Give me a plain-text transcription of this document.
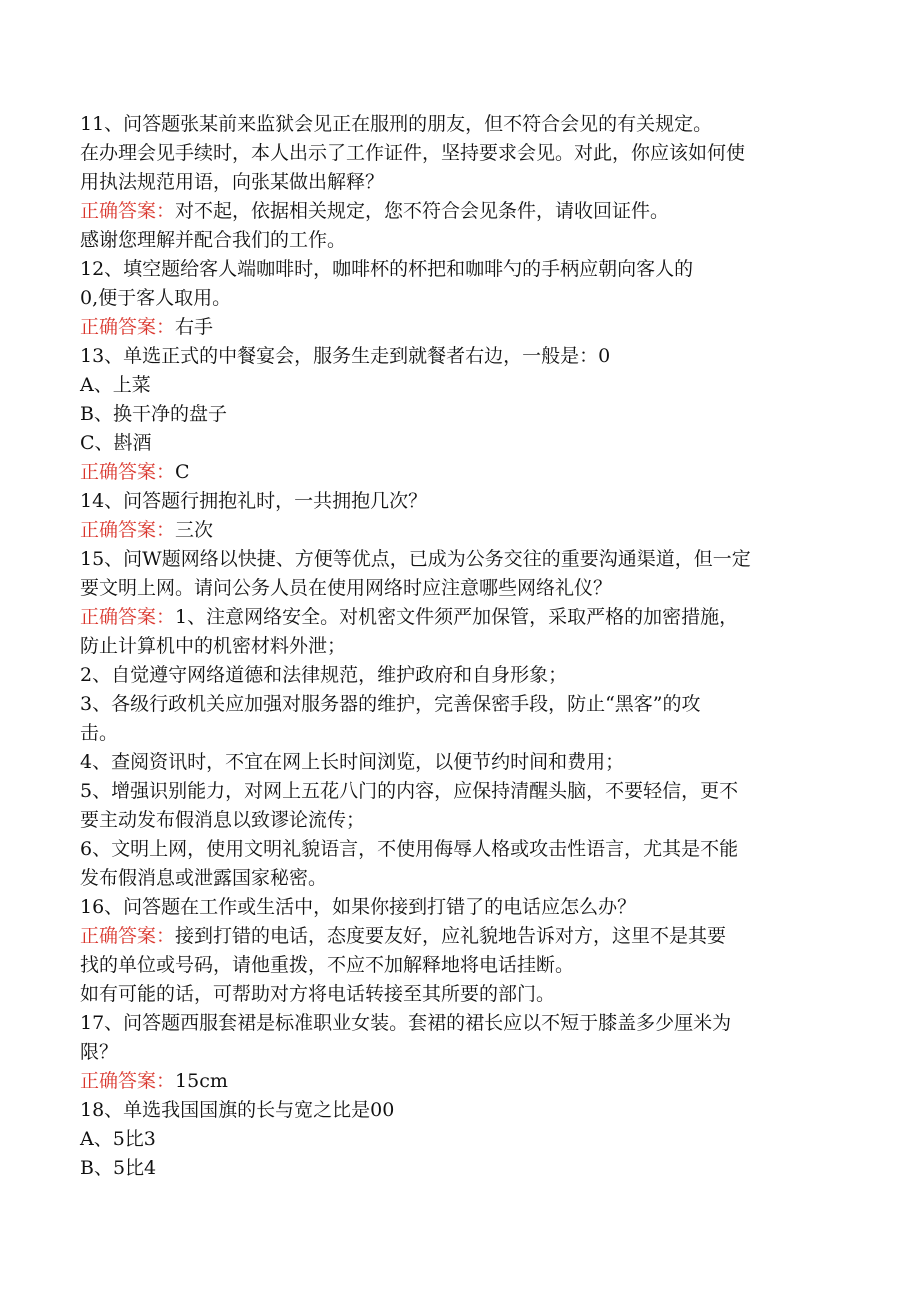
11、问答题张某前来监狱会见正在服刑的朋友，但不符合会见的有关规定。
在办理会见手续时，本人出示了工作证件，坚持要求会见。对此，你应该如何使
用执法规范用语，向张某做出解释？
正确答案：对不起，依据相关规定，您不符合会见条件，请收回证件。
感谢您理解并配合我们的工作。
12、填空题给客人端咖啡时，咖啡杯的杯把和咖啡勺的手柄应朝向客人的
0,便于客人取用。
正确答案：右手
13、单选正式的中餐宴会，服务生走到就餐者右边，一般是：0
A、上菜
B、换干净的盘子
C、斟酒
正确答案：C
14、问答题行拥抱礼时，一共拥抱几次？
正确答案：三次
15、问W题网络以快捷、方便等优点，已成为公务交往的重要沟通渠道，但一定
要文明上网。请问公务人员在使用网络时应注意哪些网络礼仪？
正确答案：1、注意网络安全。对机密文件须严加保管，采取严格的加密措施，
防止计算机中的机密材料外泄；
2、自觉遵守网络道德和法律规范，维护政府和自身形象；
3、各级行政机关应加强对服务器的维护，完善保密手段，防止“黑客”的攻
击。
4、查阅资讯时，不宜在网上长时间浏览，以便节约时间和费用；
5、增强识别能力，对网上五花八门的内容，应保持清醒头脑，不要轻信，更不
要主动发布假消息以致谬论流传；
6、文明上网，使用文明礼貌语言，不使用侮辱人格或攻击性语言，尤其是不能
发布假消息或泄露国家秘密。
16、问答题在工作或生活中，如果你接到打错了的电话应怎么办？
正确答案：接到打错的电话，态度要友好，应礼貌地告诉对方，这里不是其要
找的单位或号码，请他重拨，不应不加解释地将电话挂断。
如有可能的话，可帮助对方将电话转接至其所要的部门。
17、问答题西服套裙是标准职业女装。套裙的裙长应以不短于膝盖多少厘米为
限？
正确答案：15cm
18、单选我国国旗的长与宽之比是00
A、5比3
B、5比4
